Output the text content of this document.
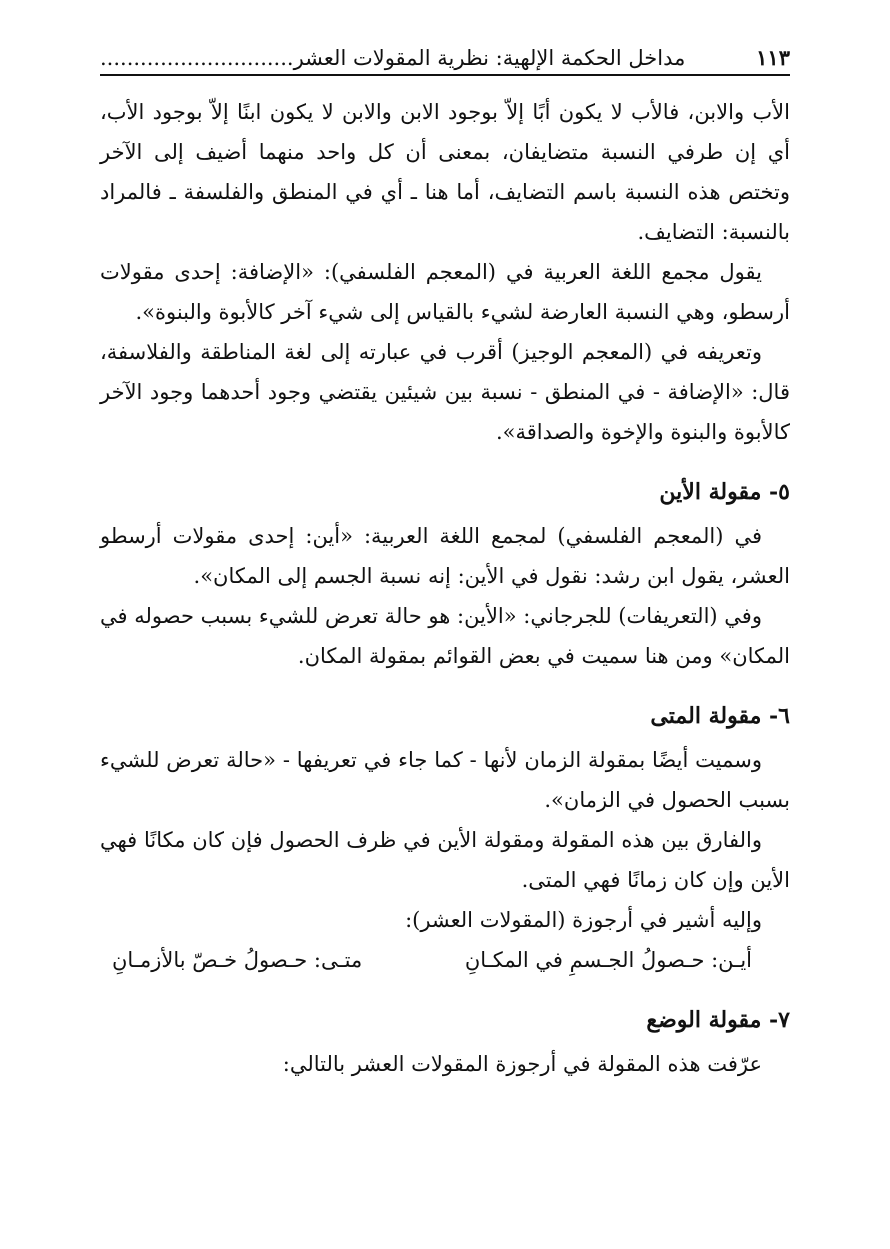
مداخل الحكمة الإلهية: نظرية المقولات العشر.............................	١١٣

الأب والابن، فالأب لا يكون أبًا إلاّ بوجود الابن والابن لا يكون ابنًا إلاّ بوجود الأب، أي إن طرفي النسبة متضايفان، بمعنى أن كل واحد منهما أضيف إلى الآخر وتختص هذه النسبة باسم التضايف، أما هنا ـ أي في المنطق والفلسفة ـ فالمراد بالنسبة: التضايف.

يقول مجمع اللغة العربية في (المعجم الفلسفي): «الإضافة: إحدى مقولات أرسطو، وهي النسبة العارضة لشيء بالقياس إلى شيء آخر كالأبوة والبنوة».

وتعريفه في (المعجم الوجيز) أقرب في عبارته إلى لغة المناطقة والفلاسفة، قال: «الإضافة - في المنطق - نسبة بين شيئين يقتضي وجود أحدهما وجود الآخر كالأبوة والبنوة والإخوة والصداقة».

٥- مقولة الأين

في (المعجم الفلسفي) لمجمع اللغة العربية: «أين: إحدى مقولات أرسطو العشر، يقول ابن رشد: نقول في الأين: إنه نسبة الجسم إلى المكان».

وفي (التعريفات) للجرجاني: «الأين: هو حالة تعرض للشيء بسبب حصوله في المكان» ومن هنا سميت في بعض القوائم بمقولة المكان.

٦- مقولة المتى

وسميت أيضًا بمقولة الزمان لأنها - كما جاء في تعريفها - «حالة تعرض للشيء بسبب الحصول في الزمان».

والفارق بين هذه المقولة ومقولة الأين في ظرف الحصول فإن كان مكانًا فهي الأين وإن كان زمانًا فهي المتى.

وإليه أشير في أرجوزة (المقولات العشر):

أيـن: حـصولُ الجـسمِ في المكـانِ
متـى: حـصولُ خـصّ بالأزمـانِ
٧- مقولة الوضع

عرّفت هذه المقولة في أرجوزة المقولات العشر بالتالي:
